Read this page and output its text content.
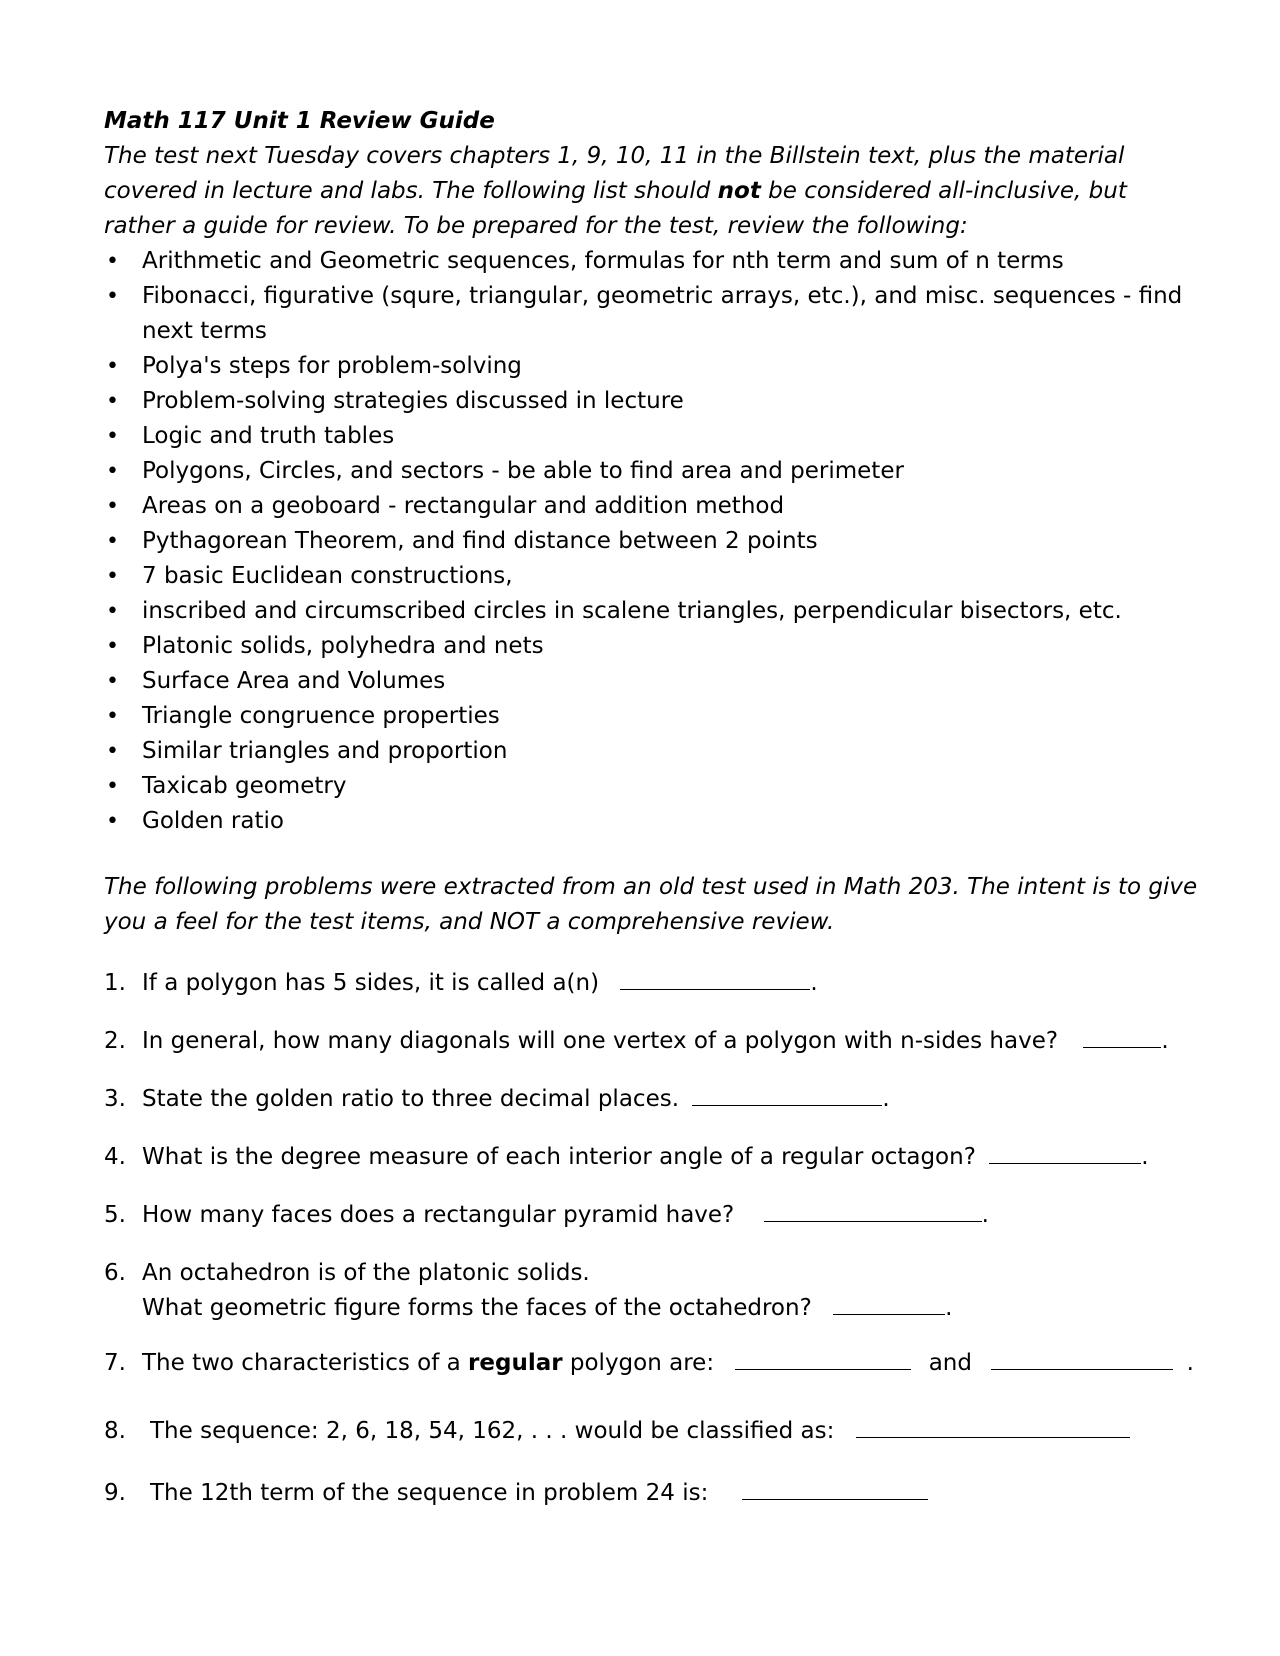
Math 117 Unit 1 Review Guide
The test next Tuesday covers chapters 1, 9, 10, 11 in the Billstein text, plus the material covered in lecture and labs. The following list should not be considered all-inclusive, but rather a guide for review. To be prepared for the test, review the following:
• Arithmetic and Geometric sequences, formulas for nth term and sum of n terms
• Fibonacci, figurative (squre, triangular, geometric arrays, etc.), and misc. sequences - find next terms
• Polya's steps for problem-solving
• Problem-solving strategies discussed in lecture
• Logic and truth tables
• Polygons, Circles, and sectors - be able to find area and perimeter
• Areas on a geoboard - rectangular and addition method
• Pythagorean Theorem, and find distance between 2 points
• 7 basic Euclidean constructions,
• inscribed and circumscribed circles in scalene triangles, perpendicular bisectors, etc.
• Platonic solids, polyhedra and nets
• Surface Area and Volumes
• Triangle congruence properties
• Similar triangles and proportion
• Taxicab geometry
• Golden ratio
The following problems were extracted from an old test used in Math 203. The intent is to give you a feel for the test items, and NOT a comprehensive review.
1. If a polygon has 5 sides, it is called a(n)	.
2. In general, how many diagonals will one vertex of a polygon with n-sides have?	.
3. State the golden ratio to three decimal places.	.
4. What is the degree measure of each interior angle of a regular octagon?	.
5. How many faces does a rectangular pyramid have?	.
6. An octahedron is of the platonic solids.
What geometric figure forms the faces of the octahedron?	.
7. The two characteristics of a regular polygon are:	and	.
8. The sequence: 2, 6, 18, 54, 162, . . . would be classified as:
9. The 12th term of the sequence in problem 24 is:
